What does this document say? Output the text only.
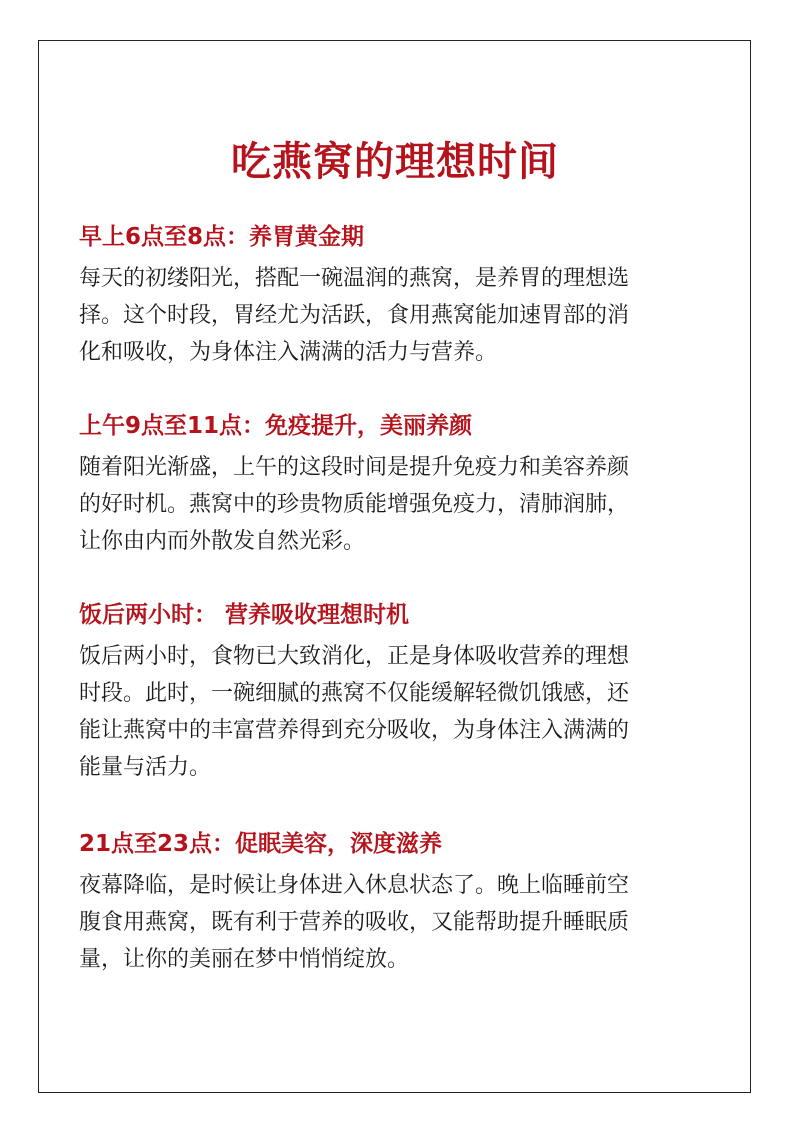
吃燕窝的理想时间
早上6点至8点：养胃黄金期

每天的初缕阳光，搭配一碗温润的燕窝，是养胃的理想选
择。这个时段，胃经尤为活跃，食用燕窝能加速胃部的消
化和吸收，为身体注入满满的活力与营养。

上午9点至11点：免疫提升，美丽养颜

随着阳光渐盛，上午的这段时间是提升免疫力和美容养颜
的好时机。燕窝中的珍贵物质能增强免疫力，清肺润肺，
让你由内而外散发自然光彩。

饭后两小时： 营养吸收理想时机

饭后两小时，食物已大致消化，正是身体吸收营养的理想
时段。此时，一碗细腻的燕窝不仅能缓解轻微饥饿感，还
能让燕窝中的丰富营养得到充分吸收，为身体注入满满的
能量与活力。

21点至23点：促眠美容，深度滋养

夜幕降临，是时候让身体进入休息状态了。晚上临睡前空
腹食用燕窝，既有利于营养的吸收，又能帮助提升睡眠质
量，让你的美丽在梦中悄悄绽放。
